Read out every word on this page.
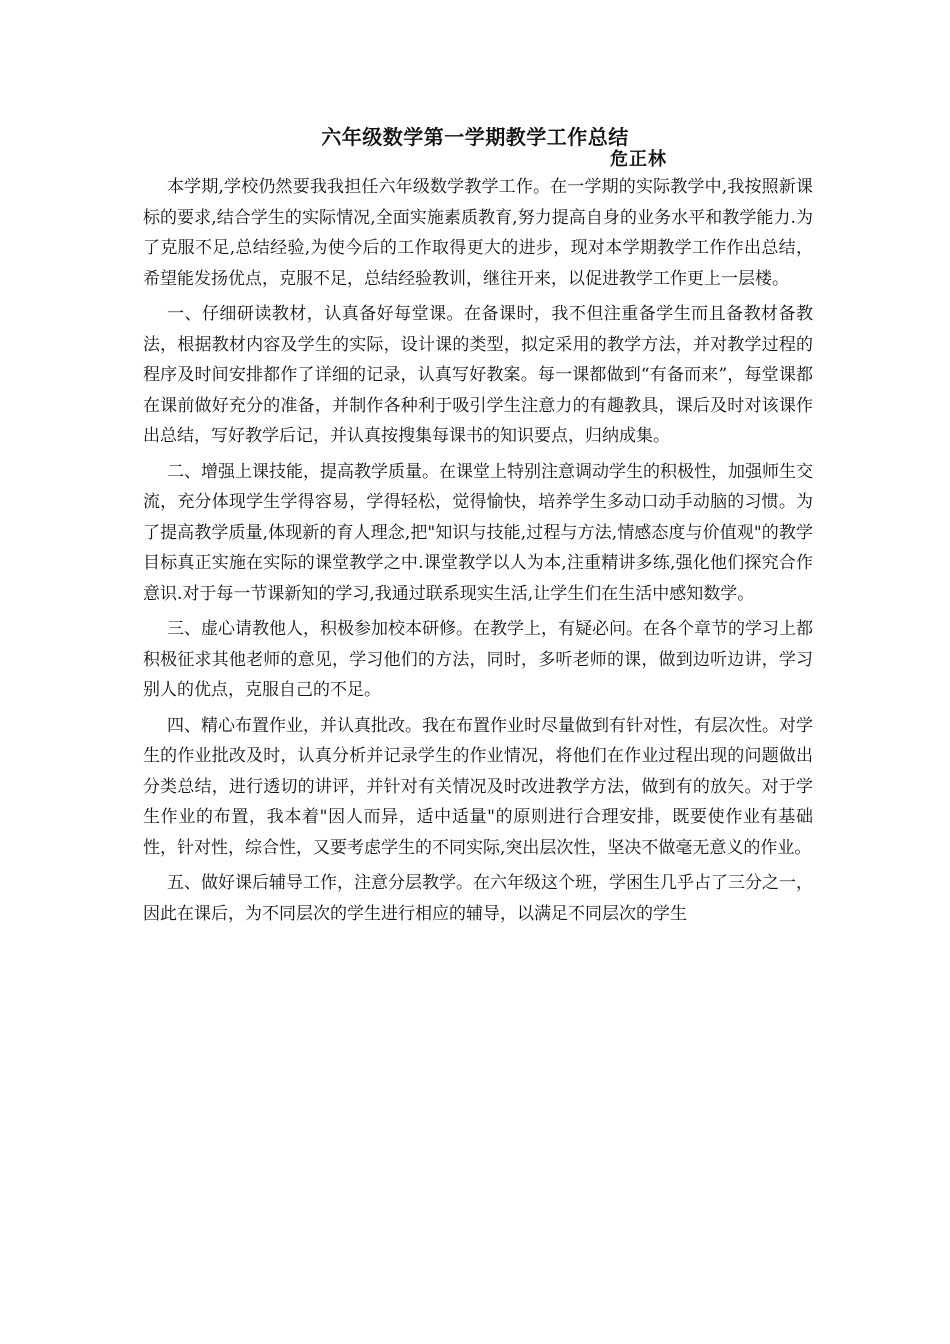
六年级数学第一学期教学工作总结
危正林

本学期,学校仍然要我我担任六年级数学教学工作。在一学期的实际教学中,我按照新课标的要求,结合学生的实际情况,全面实施素质教育,努力提高自身的业务水平和教学能力.为了克服不足,总结经验,为使今后的工作取得更大的进步，现对本学期教学工作作出总结，希望能发扬优点，克服不足，总结经验教训，继往开来，以促进教学工作更上一层楼。

一、仔细研读教材，认真备好每堂课。在备课时，我不但注重备学生而且备教材备教法，根据教材内容及学生的实际，设计课的类型，拟定采用的教学方法，并对教学过程的程序及时间安排都作了详细的记录，认真写好教案。每一课都做到“有备而来”，每堂课都在课前做好充分的准备，并制作各种利于吸引学生注意力的有趣教具，课后及时对该课作出总结，写好教学后记，并认真按搜集每课书的知识要点，归纳成集。

二、增强上课技能，提高教学质量。在课堂上特别注意调动学生的积极性，加强师生交流，充分体现学生学得容易，学得轻松，觉得愉快，培养学生多动口动手动脑的习惯。为了提高教学质量,体现新的育人理念,把"知识与技能,过程与方法,情感态度与价值观"的教学目标真正实施在实际的课堂教学之中.课堂教学以人为本,注重精讲多练,强化他们探究合作意识.对于每一节课新知的学习,我通过联系现实生活,让学生们在生活中感知数学。

三、虚心请教他人，积极参加校本研修。在教学上，有疑必问。在各个章节的学习上都积极征求其他老师的意见，学习他们的方法，同时，多听老师的课，做到边听边讲，学习别人的优点，克服自己的不足。

四、精心布置作业，并认真批改。我在布置作业时尽量做到有针对性，有层次性。对学生的作业批改及时，认真分析并记录学生的作业情况，将他们在作业过程出现的问题做出分类总结，进行透切的讲评，并针对有关情况及时改进教学方法，做到有的放矢。对于学生作业的布置，我本着"因人而异，适中适量"的原则进行合理安排，既要使作业有基础性，针对性，综合性，又要考虑学生的不同实际,突出层次性，坚决不做毫无意义的作业。

五、做好课后辅导工作，注意分层教学。在六年级这个班，学困生几乎占了三分之一，因此在课后，为不同层次的学生进行相应的辅导，以满足不同层次的学生
